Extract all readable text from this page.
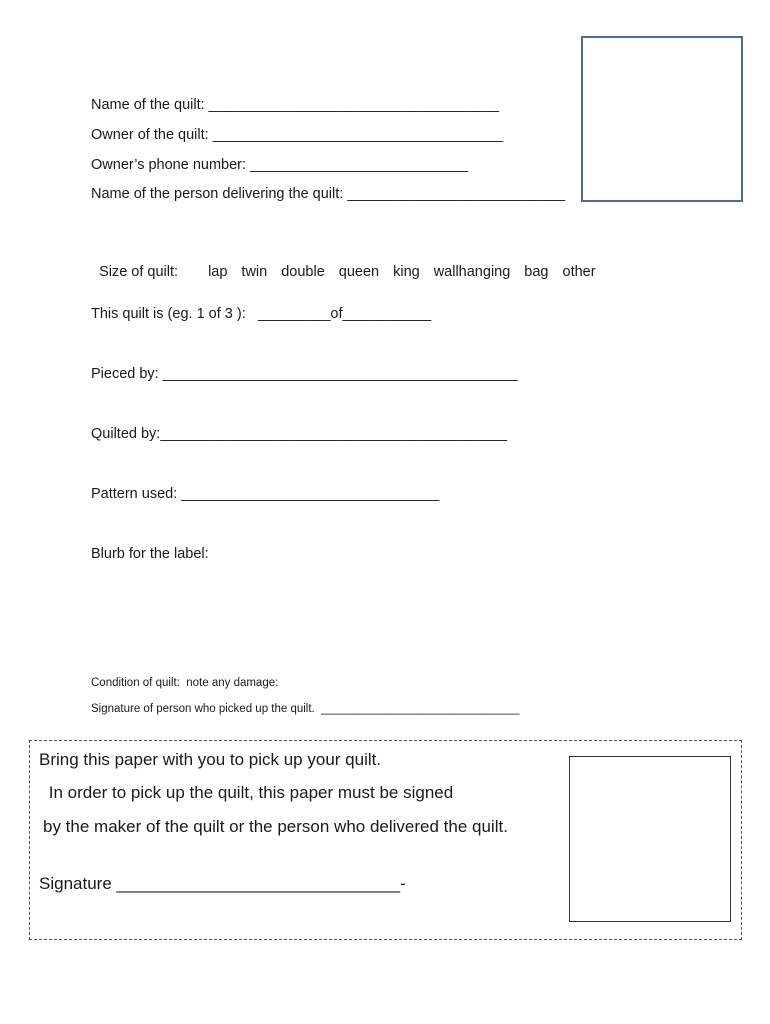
Name of the quilt: ____________________________________
Owner of the quilt: ____________________________________
Owner’s phone number: ___________________________
Name of the person delivering the quilt: ___________________________

Size of quilt: lap twin double queen king wallhanging bag other

This quilt is (eg. 1 of 3 ):   _________of___________
Pieced by: ____________________________________________
Quilted by:___________________________________________
Pattern used: ________________________________
Blurb for the label:
Condition of quilt:  note any damage:
Signature of person who picked up the quilt.  _______________________________
Bring this paper with you to pick up your quilt.
In order to pick up the quilt, this paper must be signed
by the maker of the quilt or the person who delivered the quilt.
Signature ______________________________-
